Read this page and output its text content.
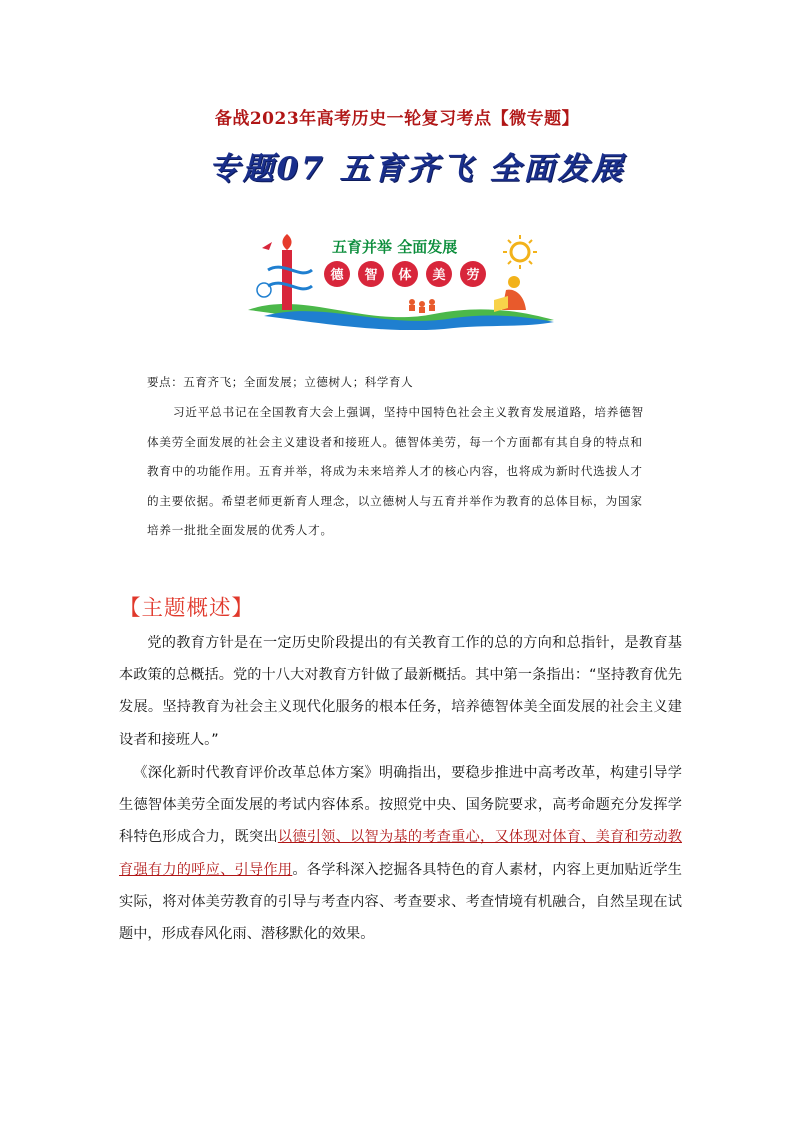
备战2023年高考历史一轮复习考点【微专题】
专题07 五育齐飞 全面发展
五育并举 全面发展
德 智 体 美 劳
要点：五育齐飞；全面发展；立德树人；科学育人

习近平总书记在全国教育大会上强调，坚持中国特色社会主义教育发展道路，培养德智体美劳全面发展的社会主义建设者和接班人。德智体美劳，每一个方面都有其自身的特点和教育中的功能作用。五育并举，将成为未来培养人才的核心内容，也将成为新时代选拔人才的主要依据。希望老师更新育人理念，以立德树人与五育并举作为教育的总体目标，为国家培养一批批全面发展的优秀人才。

【主题概述】

党的教育方针是在一定历史阶段提出的有关教育工作的总的方向和总指针，是教育基本政策的总概括。党的十八大对教育方针做了最新概括。其中第一条指出：“坚持教育优先发展。坚持教育为社会主义现代化服务的根本任务，培养德智体美全面发展的社会主义建设者和接班人。”

《深化新时代教育评价改革总体方案》明确指出，要稳步推进中高考改革，构建引导学生德智体美劳全面发展的考试内容体系。按照党中央、国务院要求，高考命题充分发挥学科特色形成合力，既突出以德引领、以智为基的考查重心，又体现对体育、美育和劳动教育强有力的呼应、引导作用。各学科深入挖掘各具特色的育人素材，内容上更加贴近学生实际，将对体美劳教育的引导与考查内容、考查要求、考查情境有机融合，自然呈现在试题中，形成春风化雨、潜移默化的效果。
